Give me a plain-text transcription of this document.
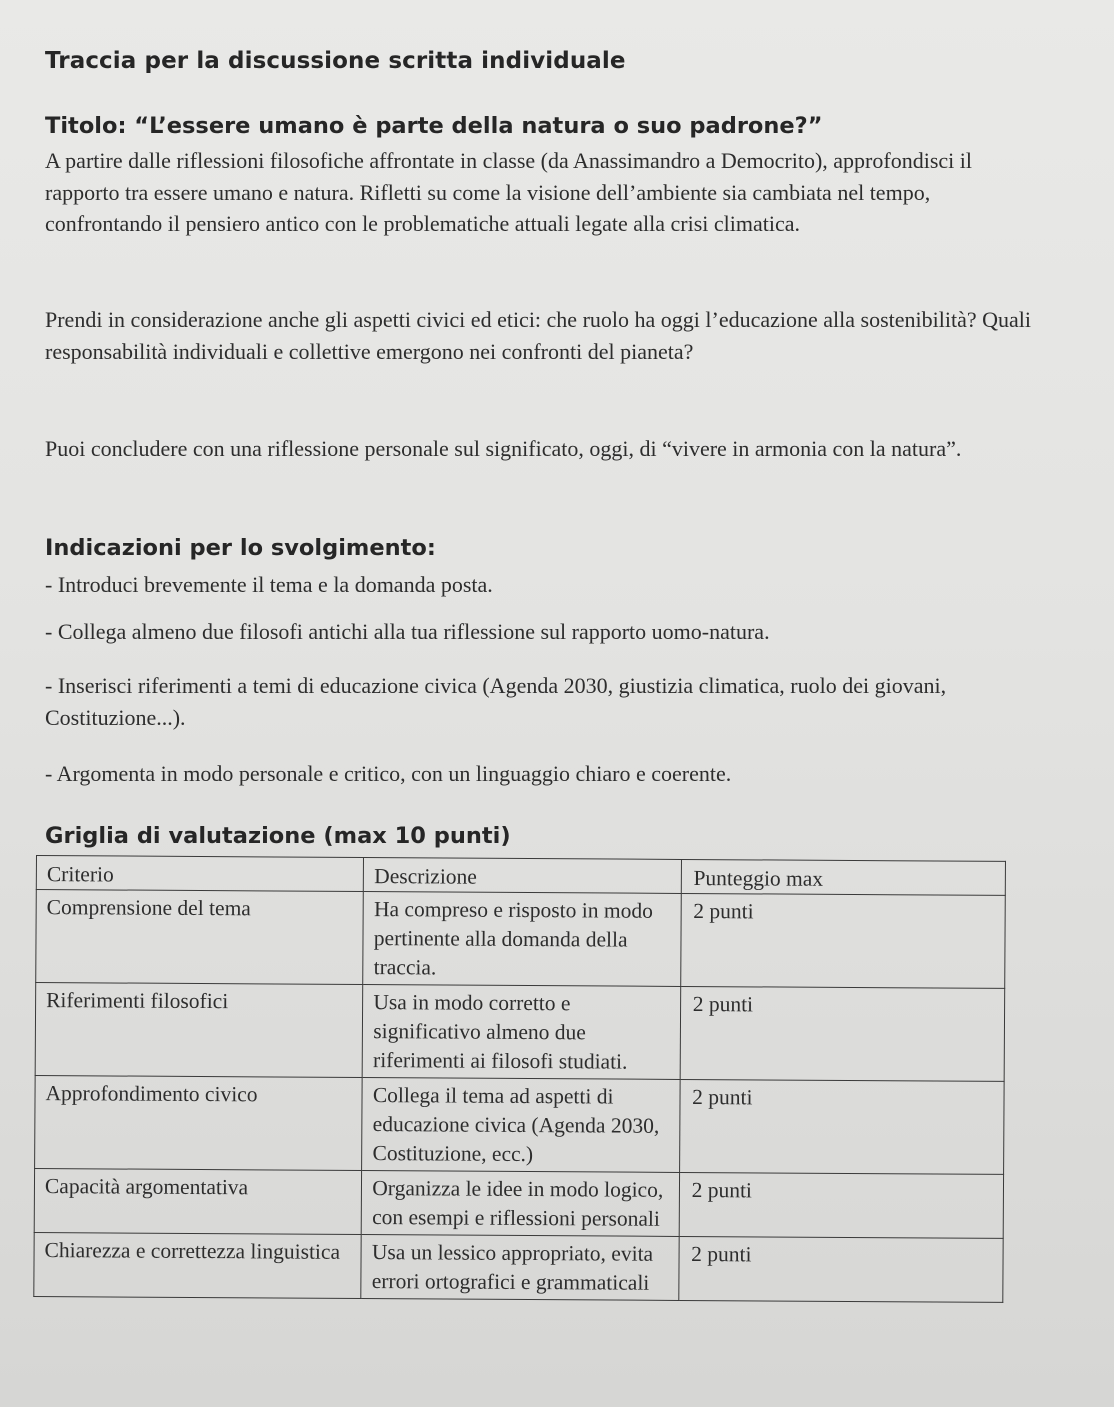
Traccia per la discussione scritta individuale
Titolo: “L’essere umano è parte della natura o suo padrone?”
A partire dalle riflessioni filosofiche affrontate in classe (da Anassimandro a Democrito), approfondisci il rapporto tra essere umano e natura. Rifletti su come la visione dell’ambiente sia cambiata nel tempo, confrontando il pensiero antico con le problematiche attuali legate alla crisi climatica.
Prendi in considerazione anche gli aspetti civici ed etici: che ruolo ha oggi l’educazione alla sostenibilità? Quali responsabilità individuali e collettive emergono nei confronti del pianeta?
Puoi concludere con una riflessione personale sul significato, oggi, di “vivere in armonia con la natura”.
Indicazioni per lo svolgimento:
- Introduci brevemente il tema e la domanda posta.
- Collega almeno due filosofi antichi alla tua riflessione sul rapporto uomo-natura.
- Inserisci riferimenti a temi di educazione civica (Agenda 2030, giustizia climatica, ruolo dei giovani, Costituzione...).
- Argomenta in modo personale e critico, con un linguaggio chiaro e coerente.
Griglia di valutazione (max 10 punti)
Criterio	Descrizione	Punteggio max
Comprensione del tema	Ha compreso e risposto in modo pertinente alla domanda della traccia.	2 punti
Riferimenti filosofici	Usa in modo corretto e significativo almeno due riferimenti ai filosofi studiati.	2 punti
Approfondimento civico	Collega il tema ad aspetti di educazione civica (Agenda 2030, Costituzione, ecc.)	2 punti
Capacità argomentativa	Organizza le idee in modo logico, con esempi e riflessioni personali	2 punti
Chiarezza e correttezza linguistica	Usa un lessico appropriato, evita errori ortografici e grammaticali	2 punti
